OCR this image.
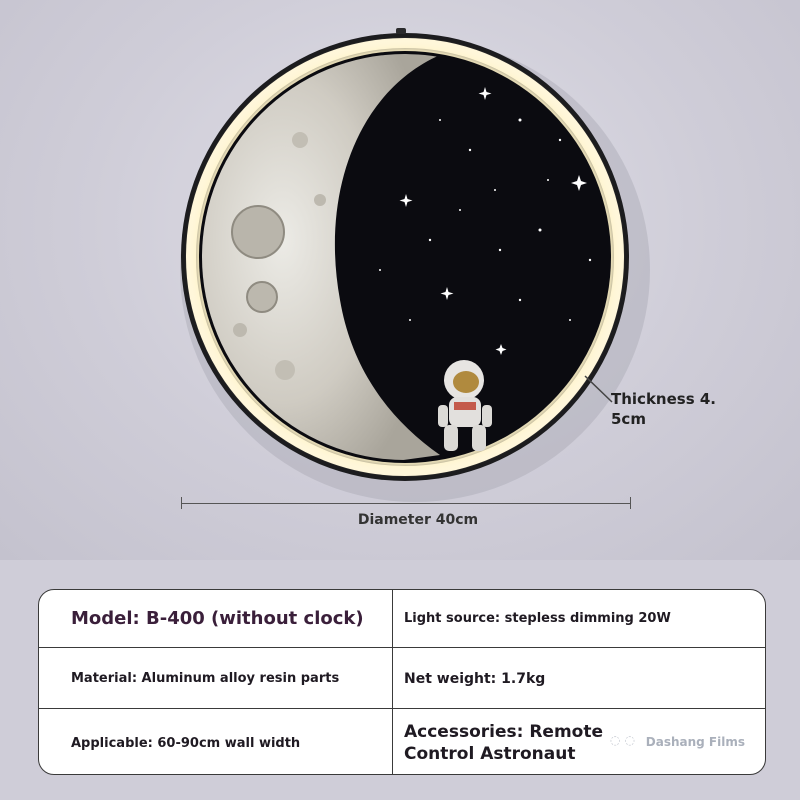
Thickness 4.
5cm
Diameter 40cm
Model: B-400 (without clock)	Light source: stepless dimming 20W
Material: Aluminum alloy resin parts	Net weight: 1.7kg
Applicable: 60-90cm wall width
Accessories: Remote Control Astronaut
◌ ◌ Dashang Films
